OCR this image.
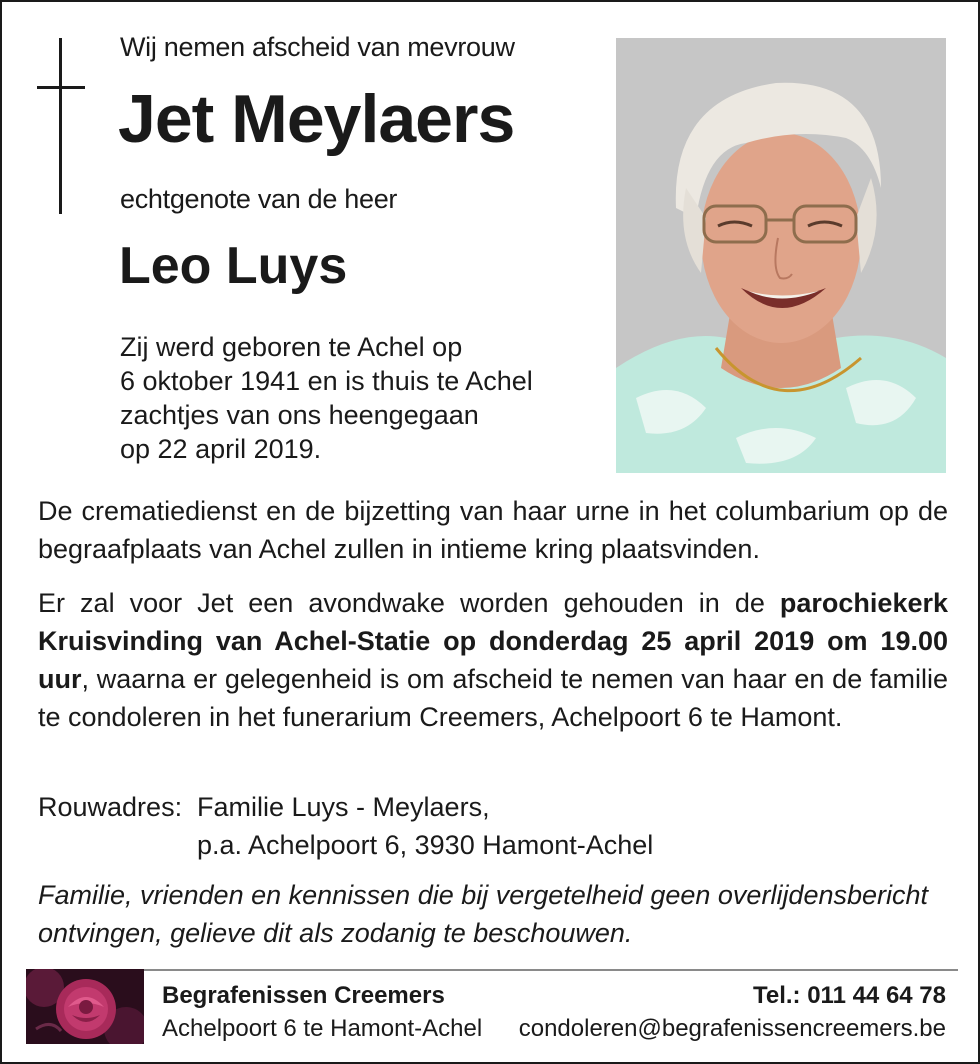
Wij nemen afscheid van mevrouw
Jet Meylaers
echtgenote van de heer
Leo Luys
Zij werd geboren te Achel op
6 oktober 1941 en is thuis te Achel
zachtjes van ons heengegaan
op 22 april 2019.
De crematiedienst en de bijzetting van haar urne in het columbarium op de begraafplaats van Achel zullen in intieme kring plaatsvinden.
Er zal voor Jet een avondwake worden gehouden in de parochiekerk Kruisvinding van Achel-Statie op donderdag 25 april 2019 om 19.00 uur, waarna er gelegenheid is om afscheid te nemen van haar en de familie te condoleren in het funerarium Creemers, Achelpoort 6 te Hamont.
Rouwadres: Familie Luys - Meylaers,
p.a. Achelpoort 6, 3930 Hamont-Achel
Familie, vrienden en kennissen die bij vergetelheid geen overlijdensbericht ontvingen, gelieve dit als zodanig te beschouwen.
Begrafenissen Creemers
Achelpoort 6 te Hamont-Achel
Tel.: 011 44 64 78
condoleren@begrafenissencreemers.be
